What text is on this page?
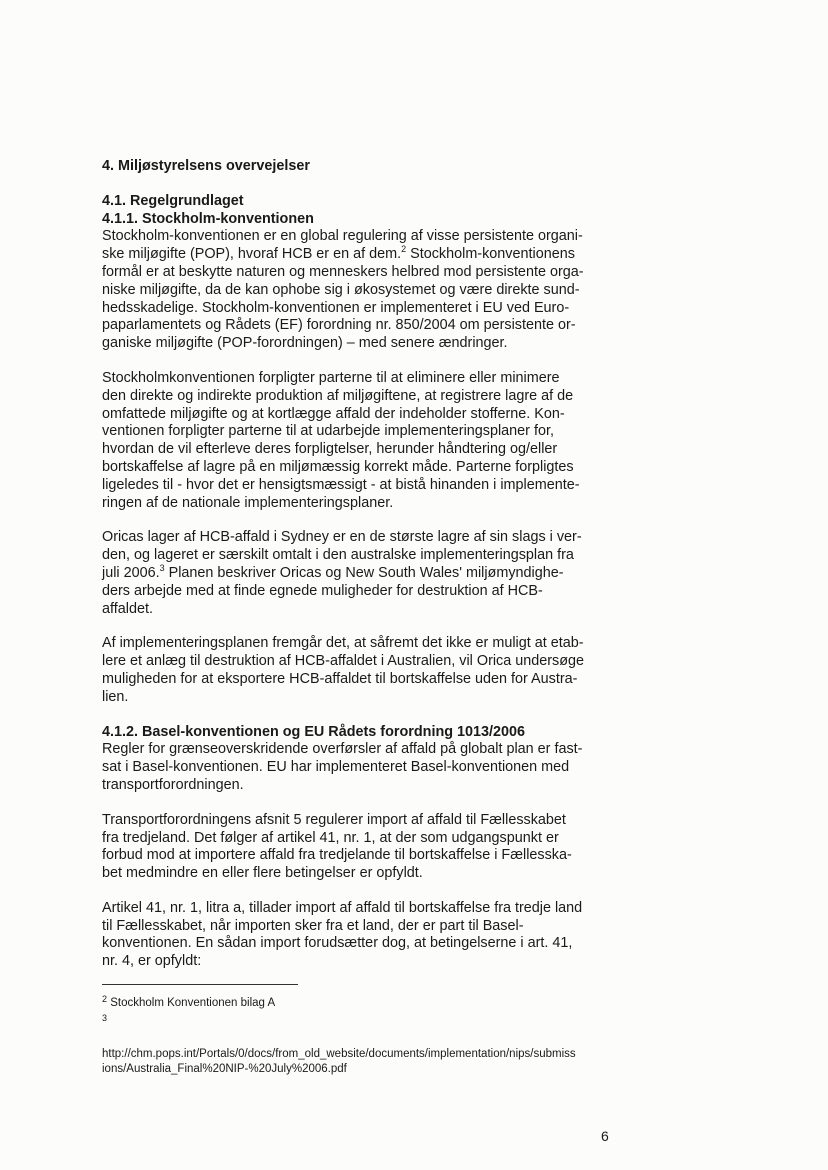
4. Miljøstyrelsens overvejelser
4.1. Regelgrundlaget
4.1.1. Stockholm-konventionen
Stockholm-konventionen er en global regulering af visse persistente organi-
ske miljøgifte (POP), hvoraf HCB er en af dem.$^2$ Stockholm-konventionens
formål er at beskytte naturen og menneskers helbred mod persistente orga-
niske miljøgifte, da de kan ophobe sig i økosystemet og være direkte sund-
hedsskadelige. Stockholm-konventionen er implementeret i EU ved Euro-
paparlamentets og Rådets (EF) forordning nr. 850/2004 om persistente or-
ganiske miljøgifte (POP-forordningen) – med senere ændringer.
Stockholmkonventionen forpligter parterne til at eliminere eller minimere
den direkte og indirekte produktion af miljøgiftene, at registrere lagre af de
omfattede miljøgifte og at kortlægge affald der indeholder stofferne. Kon-
ventionen forpligter parterne til at udarbejde implementeringsplaner for,
hvordan de vil efterleve deres forpligtelser, herunder håndtering og/eller
bortskaffelse af lagre på en miljømæssig korrekt måde. Parterne forpligtes
ligeledes til - hvor det er hensigtsmæssigt - at bistå hinanden i implemente-
ringen af de nationale implementeringsplaner.
Oricas lager af HCB-affald i Sydney er en de største lagre af sin slags i ver-
den, og lageret er særskilt omtalt i den australske implementeringsplan fra
juli 2006.$^3$ Planen beskriver Oricas og New South Wales' miljømyndighe-
ders arbejde med at finde egnede muligheder for destruktion af HCB-
affaldet.
Af implementeringsplanen fremgår det, at såfremt det ikke er muligt at etab-
lere et anlæg til destruktion af HCB-affaldet i Australien, vil Orica undersøge
muligheden for at eksportere HCB-affaldet til bortskaffelse uden for Austra-
lien.
4.1.2. Basel-konventionen og EU Rådets forordning 1013/2006
Regler for grænseoverskridende overførsler af affald på globalt plan er fast-
sat i Basel-konventionen. EU har implementeret Basel-konventionen med
transportforordningen.
Transportforordningens afsnit 5 regulerer import af affald til Fællesskabet
fra tredjeland. Det følger af artikel 41, nr. 1, at der som udgangspunkt er
forbud mod at importere affald fra tredjelande til bortskaffelse i Fællesska-
bet medmindre en eller flere betingelser er opfyldt.
Artikel 41, nr. 1, litra a, tillader import af affald til bortskaffelse fra tredje land
til Fællesskabet, når importen sker fra et land, der er part til Basel-
konventionen. En sådan import forudsætter dog, at betingelserne i art. 41,
nr. 4, er opfyldt:
$^2$ Stockholm Konventionen bilag A
$^3$
http://chm.pops.int/Portals/0/docs/from_old_website/documents/implementation/nips/submiss
ions/Australia_Final%20NIP-%20July%2006.pdf
6
